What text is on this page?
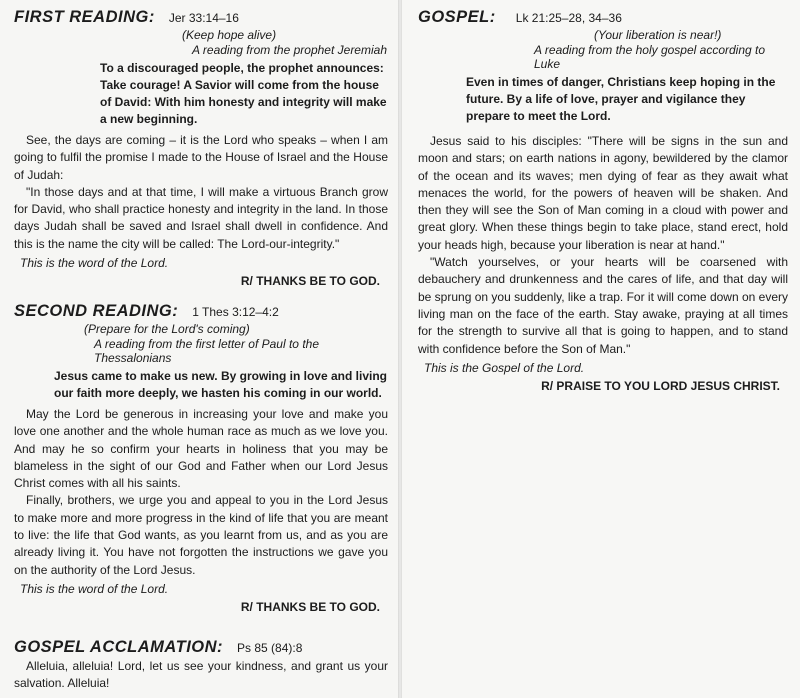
FIRST READING: Jer 33:14–16
(Keep hope alive)
A reading from the prophet Jeremiah
To a discouraged people, the prophet announces: Take courage! A Savior will come from the house of David: With him honesty and integrity will make a new beginning.

See, the days are coming – it is the Lord who speaks – when I am going to fulfil the promise I made to the House of Israel and the House of Judah:

"In those days and at that time, I will make a virtuous Branch grow for David, who shall practice honesty and integrity in the land. In those days Judah shall be saved and Israel shall dwell in confidence. And this is the name the city will be called: The Lord-our-integrity."

This is the word of the Lord.
R/ THANKS BE TO GOD.
SECOND READING: 1 Thes 3:12–4:2
(Prepare for the Lord's coming)
A reading from the first letter of Paul to the Thessalonians
Jesus came to make us new. By growing in love and living our faith more deeply, we hasten his coming in our world.

May the Lord be generous in increasing your love and make you love one another and the whole human race as much as we love you. And may he so confirm your hearts in holiness that you may be blameless in the sight of our God and Father when our Lord Jesus Christ comes with all his saints.

Finally, brothers, we urge you and appeal to you in the Lord Jesus to make more and more progress in the kind of life that you are meant to live: the life that God wants, as you learnt from us, and as you are already living it. You have not forgotten the instructions we gave you on the authority of the Lord Jesus.

This is the word of the Lord.
R/ THANKS BE TO GOD.
GOSPEL ACCLAMATION: Ps 85 (84):8

Alleluia, alleluia! Lord, let us see your kindness, and grant us your salvation. Alleluia!

GOSPEL: Lk 21:25–28, 34–36
(Your liberation is near!)
A reading from the holy gospel according to Luke
Even in times of danger, Christians keep hoping in the future. By a life of love, prayer and vigilance they prepare to meet the Lord.

Jesus said to his disciples: "There will be signs in the sun and moon and stars; on earth nations in agony, bewildered by the clamor of the ocean and its waves; men dying of fear as they await what menaces the world, for the powers of heaven will be shaken. And then they will see the Son of Man coming in a cloud with power and great glory. When these things begin to take place, stand erect, hold your heads high, because your liberation is near at hand."

"Watch yourselves, or your hearts will be coarsened with debauchery and drunkenness and the cares of life, and that day will be sprung on you suddenly, like a trap. For it will come down on every living man on the face of the earth. Stay awake, praying at all times for the strength to survive all that is going to happen, and to stand with confidence before the Son of Man."

This is the Gospel of the Lord.
R/ PRAISE TO YOU LORD JESUS CHRIST.
